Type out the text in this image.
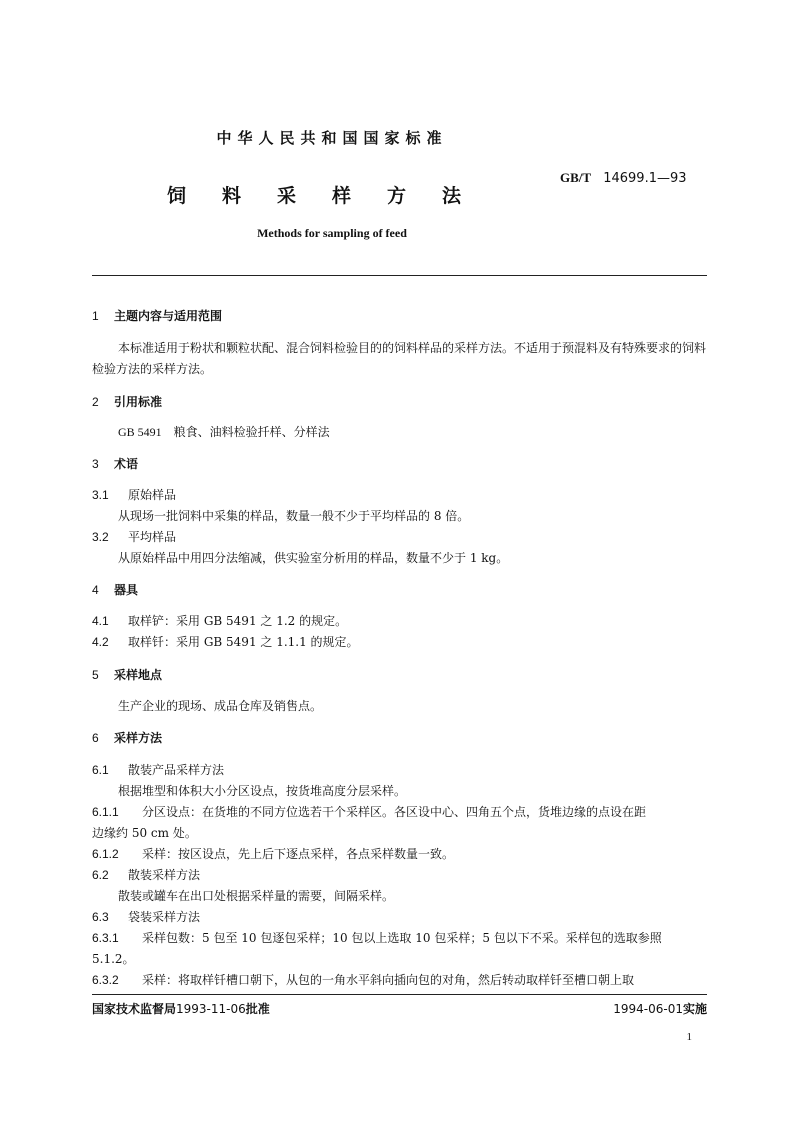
中华人民共和国国家标准
GB/T 14699.1—93
饲料采样方法
Methods for sampling of feed
1 主题内容与适用范围
本标准适用于粉状和颗粒状配、混合饲料检验目的的饲料样品的采样方法。不适用于预混料及有特殊要求的饲料检验方法的采样方法。
2 引用标准
GB 5491 粮食、油料检验扦样、分样法
3 术语
3.1 原始样品
从现场一批饲料中采集的样品，数量一般不少于平均样品的 8 倍。
3.2 平均样品
从原始样品中用四分法缩减，供实验室分析用的样品，数量不少于 1 kg。
4 器具
4.1 取样铲：采用 GB 5491 之 1.2 的规定。
4.2 取样钎：采用 GB 5491 之 1.1.1 的规定。
5 采样地点
生产企业的现场、成品仓库及销售点。
6 采样方法
6.1 散装产品采样方法
根据堆型和体积大小分区设点，按货堆高度分层采样。
6.1.1 分区设点：在货堆的不同方位选若干个采样区。各区设中心、四角五个点，货堆边缘的点设在距
边缘约 50 cm 处。
6.1.2 采样：按区设点，先上后下逐点采样，各点采样数量一致。
6.2 散装采样方法
散装或罐车在出口处根据采样量的需要，间隔采样。
6.3 袋装采样方法
6.3.1 采样包数：5 包至 10 包逐包采样；10 包以上选取 10 包采样；5 包以下不采。采样包的选取参照
5.1.2。
6.3.2 采样：将取样钎槽口朝下，从包的一角水平斜向插向包的对角，然后转动取样钎至槽口朝上取
国家技术监督局1993-11-06批准	1994-06-01实施
1
